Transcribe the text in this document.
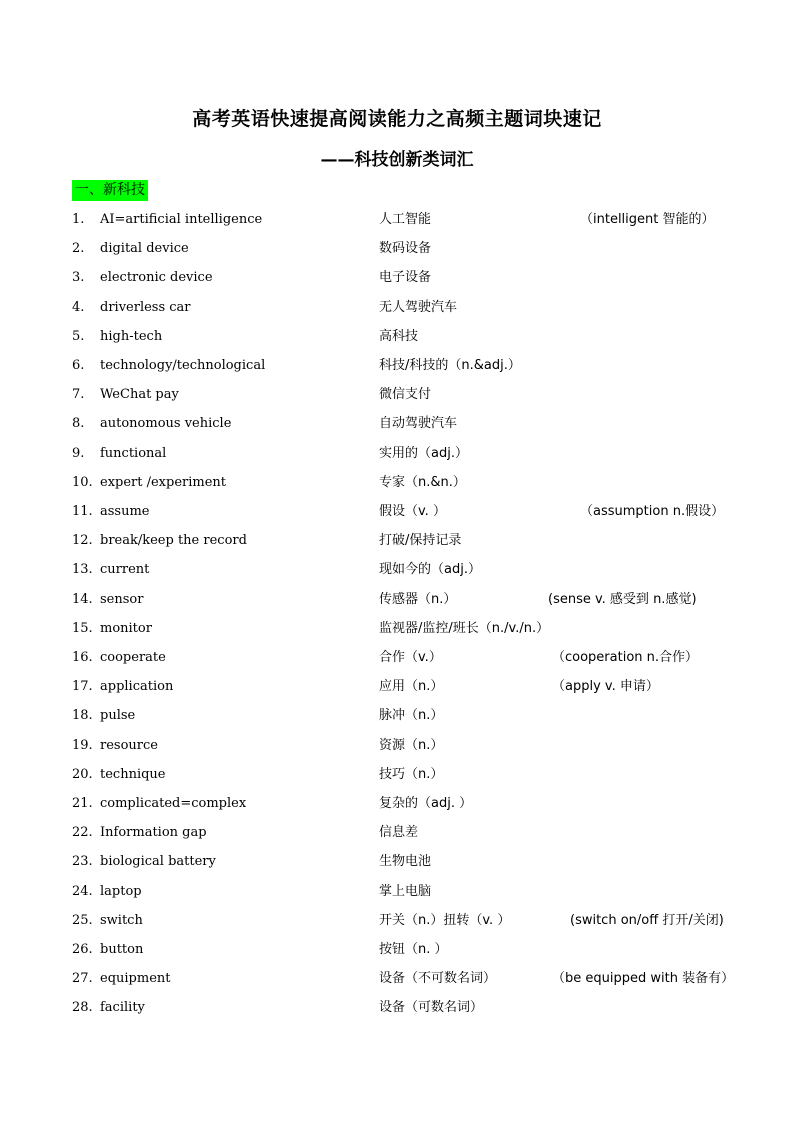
高考英语快速提高阅读能力之高频主题词块速记
——科技创新类词汇
一、新科技
1. AI=artificial intelligence	人工智能	（intelligent 智能的）
2. digital device	数码设备
3. electronic device	电子设备
4. driverless car	无人驾驶汽车
5. high-tech	高科技
6. technology/technological	科技/科技的（n.&adj.）
7. WeChat pay	微信支付
8. autonomous vehicle	自动驾驶汽车
9. functional	实用的（adj.）
10. expert /experiment	专家（n.&n.）
11. assume	假设（v. ）	（assumption n.假设）
12. break/keep the record	打破/保持记录
13. current	现如今的（adj.）
14. sensor	传感器（n.）	(sense v. 感受到 n.感觉)
15. monitor	监视器/监控/班长（n./v./n.）
16. cooperate	合作（v.）	（cooperation n.合作）
17. application	应用（n.）	（apply v. 申请）
18. pulse	脉冲（n.）
19. resource	资源（n.）
20. technique	技巧（n.）
21. complicated=complex	复杂的（adj. ）
22. Information gap	信息差
23. biological battery	生物电池
24. laptop	掌上电脑
25. switch	开关（n.）扭转（v. ）	(switch on/off 打开/关闭)
26. button	按钮（n. ）
27. equipment	设备（不可数名词）	（be equipped with 装备有）
28. facility	设备（可数名词）
